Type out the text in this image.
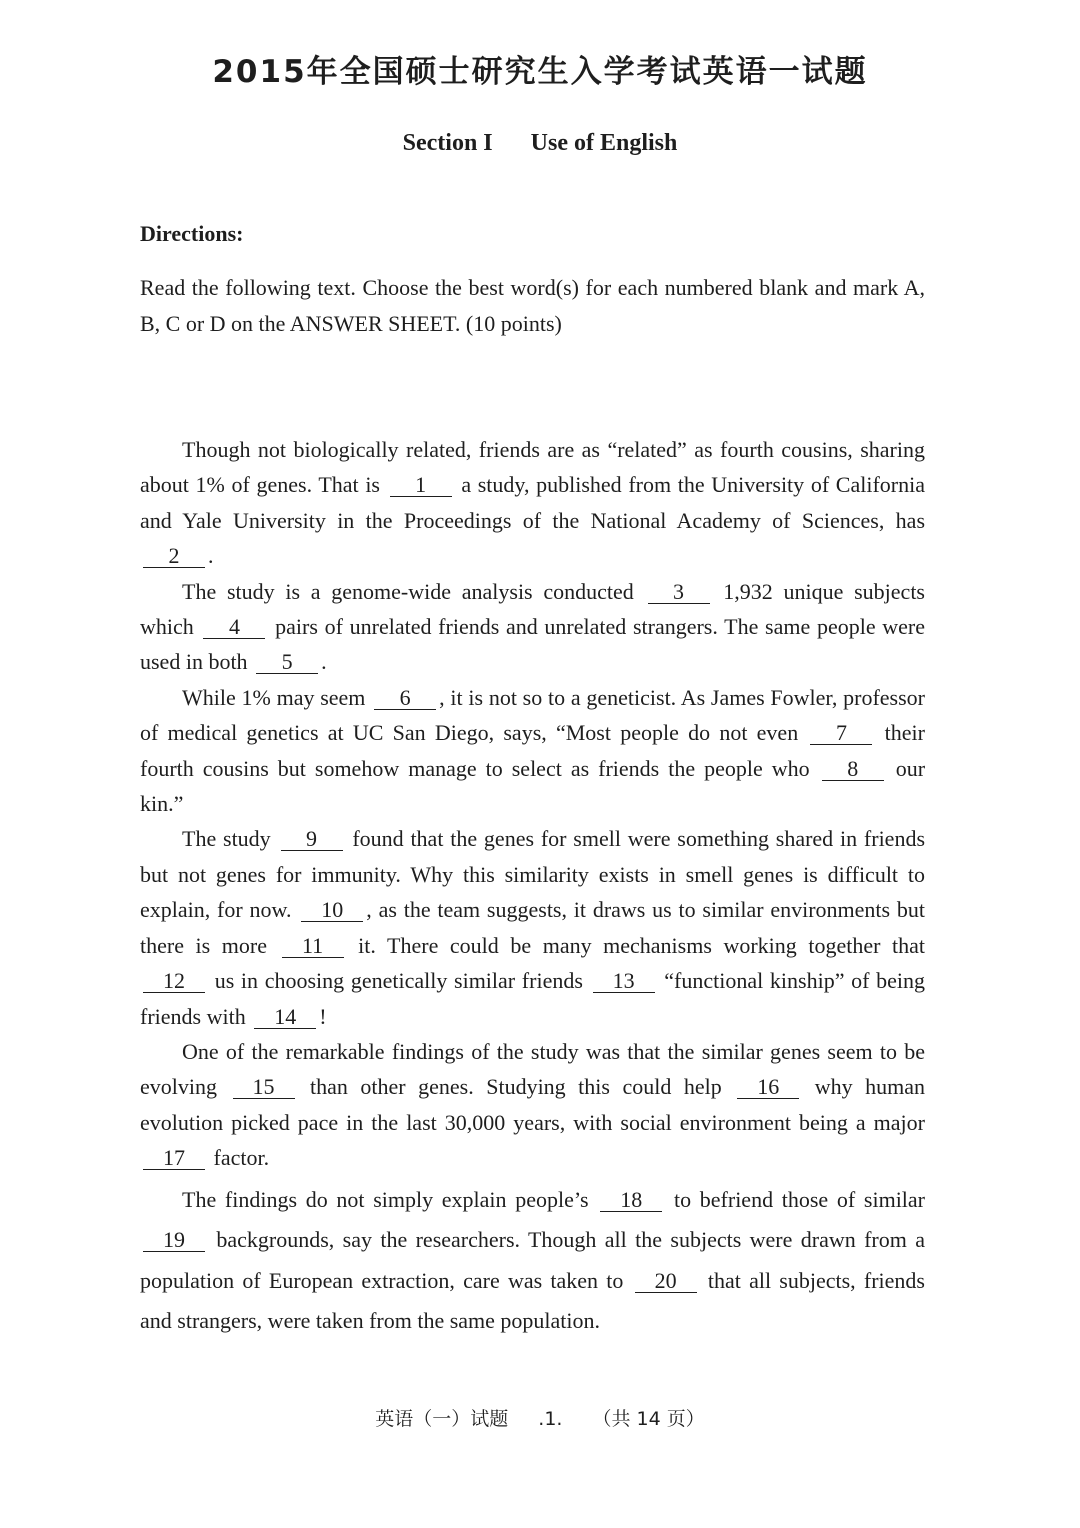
2015年全国硕士研究生入学考试英语一试题
Section I Use of English

Directions:

Read the following text. Choose the best word(s) for each numbered blank and mark A, B, C or D on the ANSWER SHEET. (10 points)

Though not biologically related, friends are as “related” as fourth cousins, sharing about 1% of genes. That is 1 a study, published from the University of California and Yale University in the Proceedings of the National Academy of Sciences, has 2 .

The study is a genome-wide analysis conducted 3 1,932 unique subjects which 4 pairs of unrelated friends and unrelated strangers. The same people were used in both 5 .

While 1% may seem 6 , it is not so to a geneticist. As James Fowler, professor of medical genetics at UC San Diego, says, “Most people do not even 7 their fourth cousins but somehow manage to select as friends the people who 8 our kin.”

The study 9 found that the genes for smell were something shared in friends but not genes for immunity. Why this similarity exists in smell genes is difficult to explain, for now. 10 , as the team suggests, it draws us to similar environments but there is more 11 it. There could be many mechanisms working together that 12 us in choosing genetically similar friends 13 “functional kinship” of being friends with 14 !

One of the remarkable findings of the study was that the similar genes seem to be evolving 15 than other genes. Studying this could help 16 why human evolution picked pace in the last 30,000 years, with social environment being a major 17 factor.

The findings do not simply explain people’s 18 to befriend those of similar 19 backgrounds, say the researchers. Though all the subjects were drawn from a population of European extraction, care was taken to 20 that all subjects, friends and strangers, were taken from the same population.

英语（一）试题 .1. （共 14 页）
